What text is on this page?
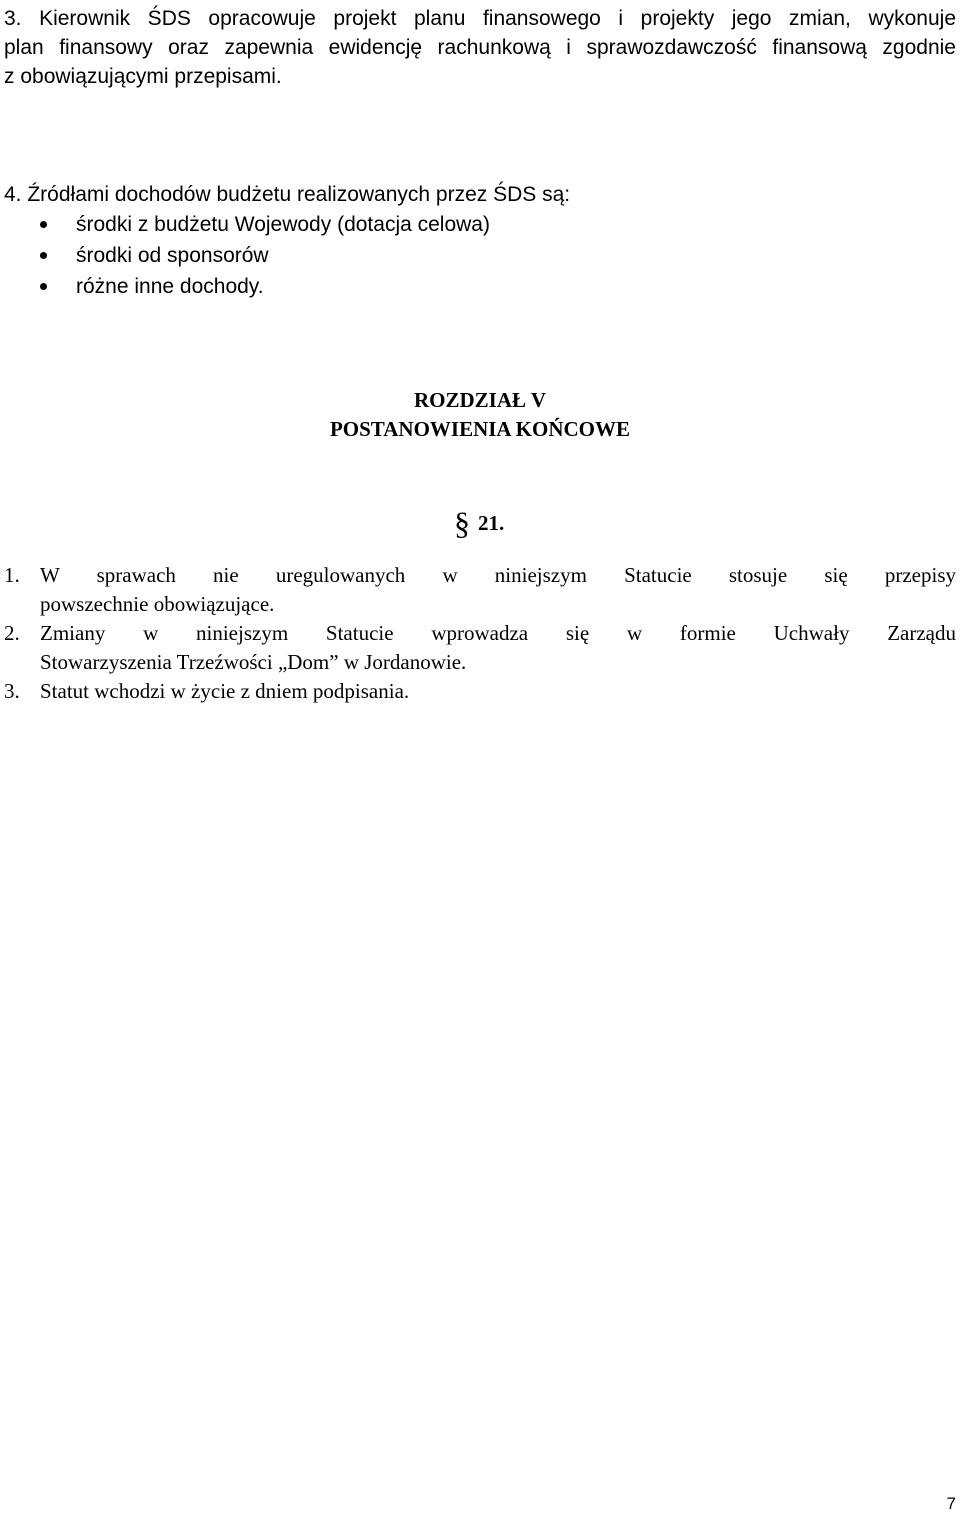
3. Kierownik ŚDS opracowuje projekt planu finansowego i projekty jego zmian, wykonuje
plan finansowy oraz zapewnia ewidencję rachunkową i sprawozdawczość finansową zgodnie
z obowiązującymi przepisami.
4. Źródłami dochodów budżetu realizowanych przez ŚDS są:
środki z budżetu Wojewody (dotacja celowa)
środki od sponsorów
różne inne dochody.
ROZDZIAŁ V
POSTANOWIENIA KOŃCOWE
§ 21.
1. W sprawach nie uregulowanych w niniejszym Statucie stosuje się przepisy
powszechnie obowiązujące.
2. Zmiany w niniejszym Statucie wprowadza się w formie Uchwały Zarządu
Stowarzyszenia Trzeźwości „Dom” w Jordanowie.
3. Statut wchodzi w życie z dniem podpisania.
7
